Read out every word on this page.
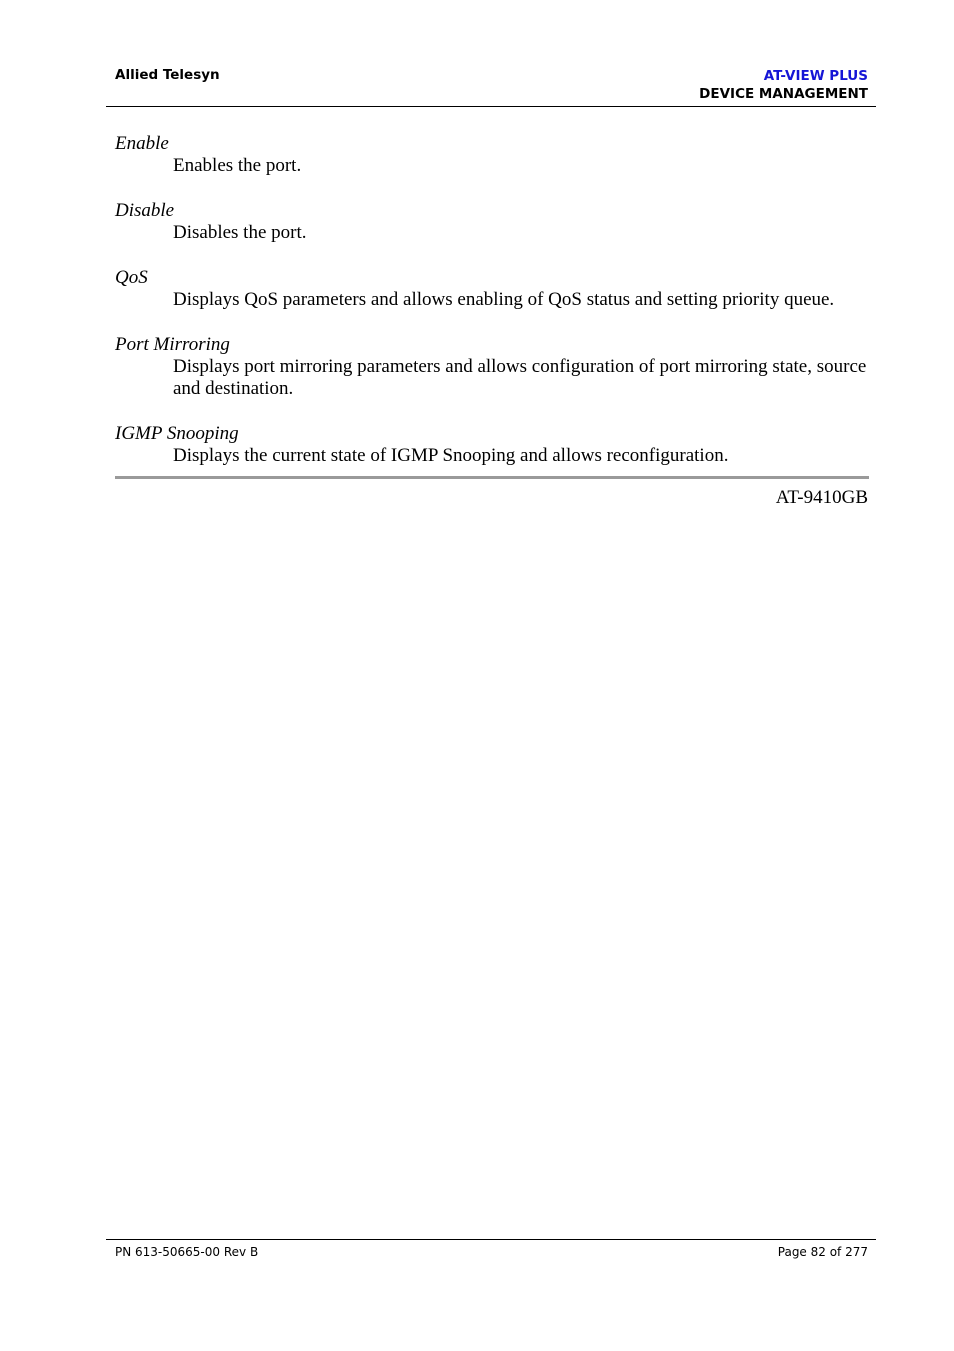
Allied Telesyn	AT-VIEW PLUS
DEVICE MANAGEMENT
Enable
Enables the port.
Disable
Disables the port.
QoS
Displays QoS parameters and allows enabling of QoS status and setting priority queue.
Port Mirroring
Displays port mirroring parameters and allows configuration of port mirroring state, source and destination.
IGMP Snooping
Displays the current state of IGMP Snooping and allows reconfiguration.
AT-9410GB
PN 613-50665-00 Rev B	Page 82 of 277
